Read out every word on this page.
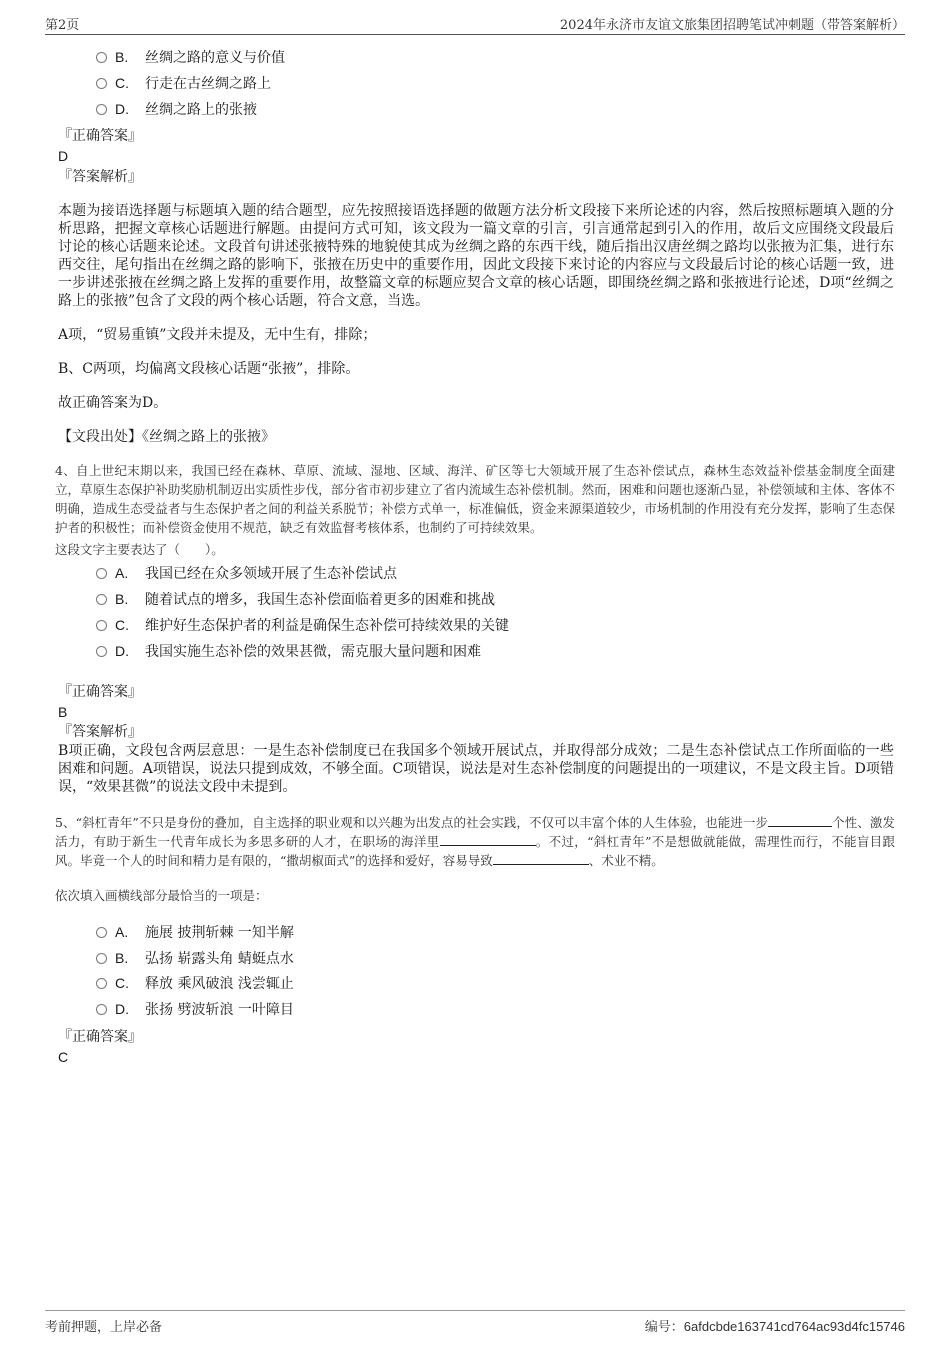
第2页	2024年永济市友谊文旅集团招聘笔试冲刺题（带答案解析）
B. 丝绸之路的意义与价值
C. 行走在古丝绸之路上
D. 丝绸之路上的张掖
『正确答案』
D
『答案解析』
本题为接语选择题与标题填入题的结合题型，应先按照接语选择题的做题方法分析文段接下来所论述的内容，然后按照标题填入题的分析思路，把握文章核心话题进行解题。由提问方式可知，该文段为一篇文章的引言，引言通常起到引入的作用，故后文应围绕文段最后讨论的核心话题来论述。文段首句讲述张掖特殊的地貌使其成为丝绸之路的东西干线，随后指出汉唐丝绸之路均以张掖为汇集，进行东西交往，尾句指出在丝绸之路的影响下，张掖在历史中的重要作用，因此文段接下来讨论的内容应与文段最后讨论的核心话题一致，进一步讲述张掖在丝绸之路上发挥的重要作用，故整篇文章的标题应契合文章的核心话题，即围绕丝绸之路和张掖进行论述，D项“丝绸之路上的张掖”包含了文段的两个核心话题，符合文意，当选。
A项，“贸易重镇”文段并未提及，无中生有，排除；
B、C两项，均偏离文段核心话题“张掖”，排除。
故正确答案为D。
【文段出处】《丝绸之路上的张掖》
4、自上世纪末期以来，我国已经在森林、草原、流域、湿地、区域、海洋、矿区等七大领域开展了生态补偿试点，森林生态效益补偿基金制度全面建立，草原生态保护补助奖励机制迈出实质性步伐，部分省市初步建立了省内流域生态补偿机制。然而，困难和问题也逐渐凸显，补偿领域和主体、客体不明确，造成生态受益者与生态保护者之间的利益关系脱节；补偿方式单一，标准偏低，资金来源渠道较少，市场机制的作用没有充分发挥，影响了生态保护者的积极性；而补偿资金使用不规范，缺乏有效监督考核体系，也制约了可持续效果。
这段文字主要表达了（　　）。
A. 我国已经在众多领域开展了生态补偿试点
B. 随着试点的增多，我国生态补偿面临着更多的困难和挑战
C. 维护好生态保护者的利益是确保生态补偿可持续效果的关键
D. 我国实施生态补偿的效果甚微，需克服大量问题和困难
『正确答案』
B
『答案解析』
B项正确，文段包含两层意思：一是生态补偿制度已在我国多个领域开展试点，并取得部分成效；二是生态补偿试点工作所面临的一些困难和问题。A项错误，说法只提到成效，不够全面。C项错误，说法是对生态补偿制度的问题提出的一项建议，不是文段主旨。D项错误，“效果甚微”的说法文段中未提到。
5、“斜杠青年”不只是身份的叠加，自主选择的职业观和以兴趣为出发点的社会实践，不仅可以丰富个体的人生体验，也能进一步	个性、激发活力，有助于新生一代青年成长为多思多研的人才，在职场的海洋里	。不过，“斜杠青年”不是想做就能做，需理性而行，不能盲目跟风。毕竟一个人的时间和精力是有限的，“撒胡椒面式”的选择和爱好，容易导致	、术业不精。
依次填入画横线部分最恰当的一项是：
A. 施展 披荆斩棘 一知半解
B. 弘扬 崭露头角 蜻蜓点水
C. 释放 乘风破浪 浅尝辄止
D. 张扬 劈波斩浪 一叶障目
『正确答案』
C
考前押题，上岸必备	编号：6afdcbde163741cd764ac93d4fc15746
